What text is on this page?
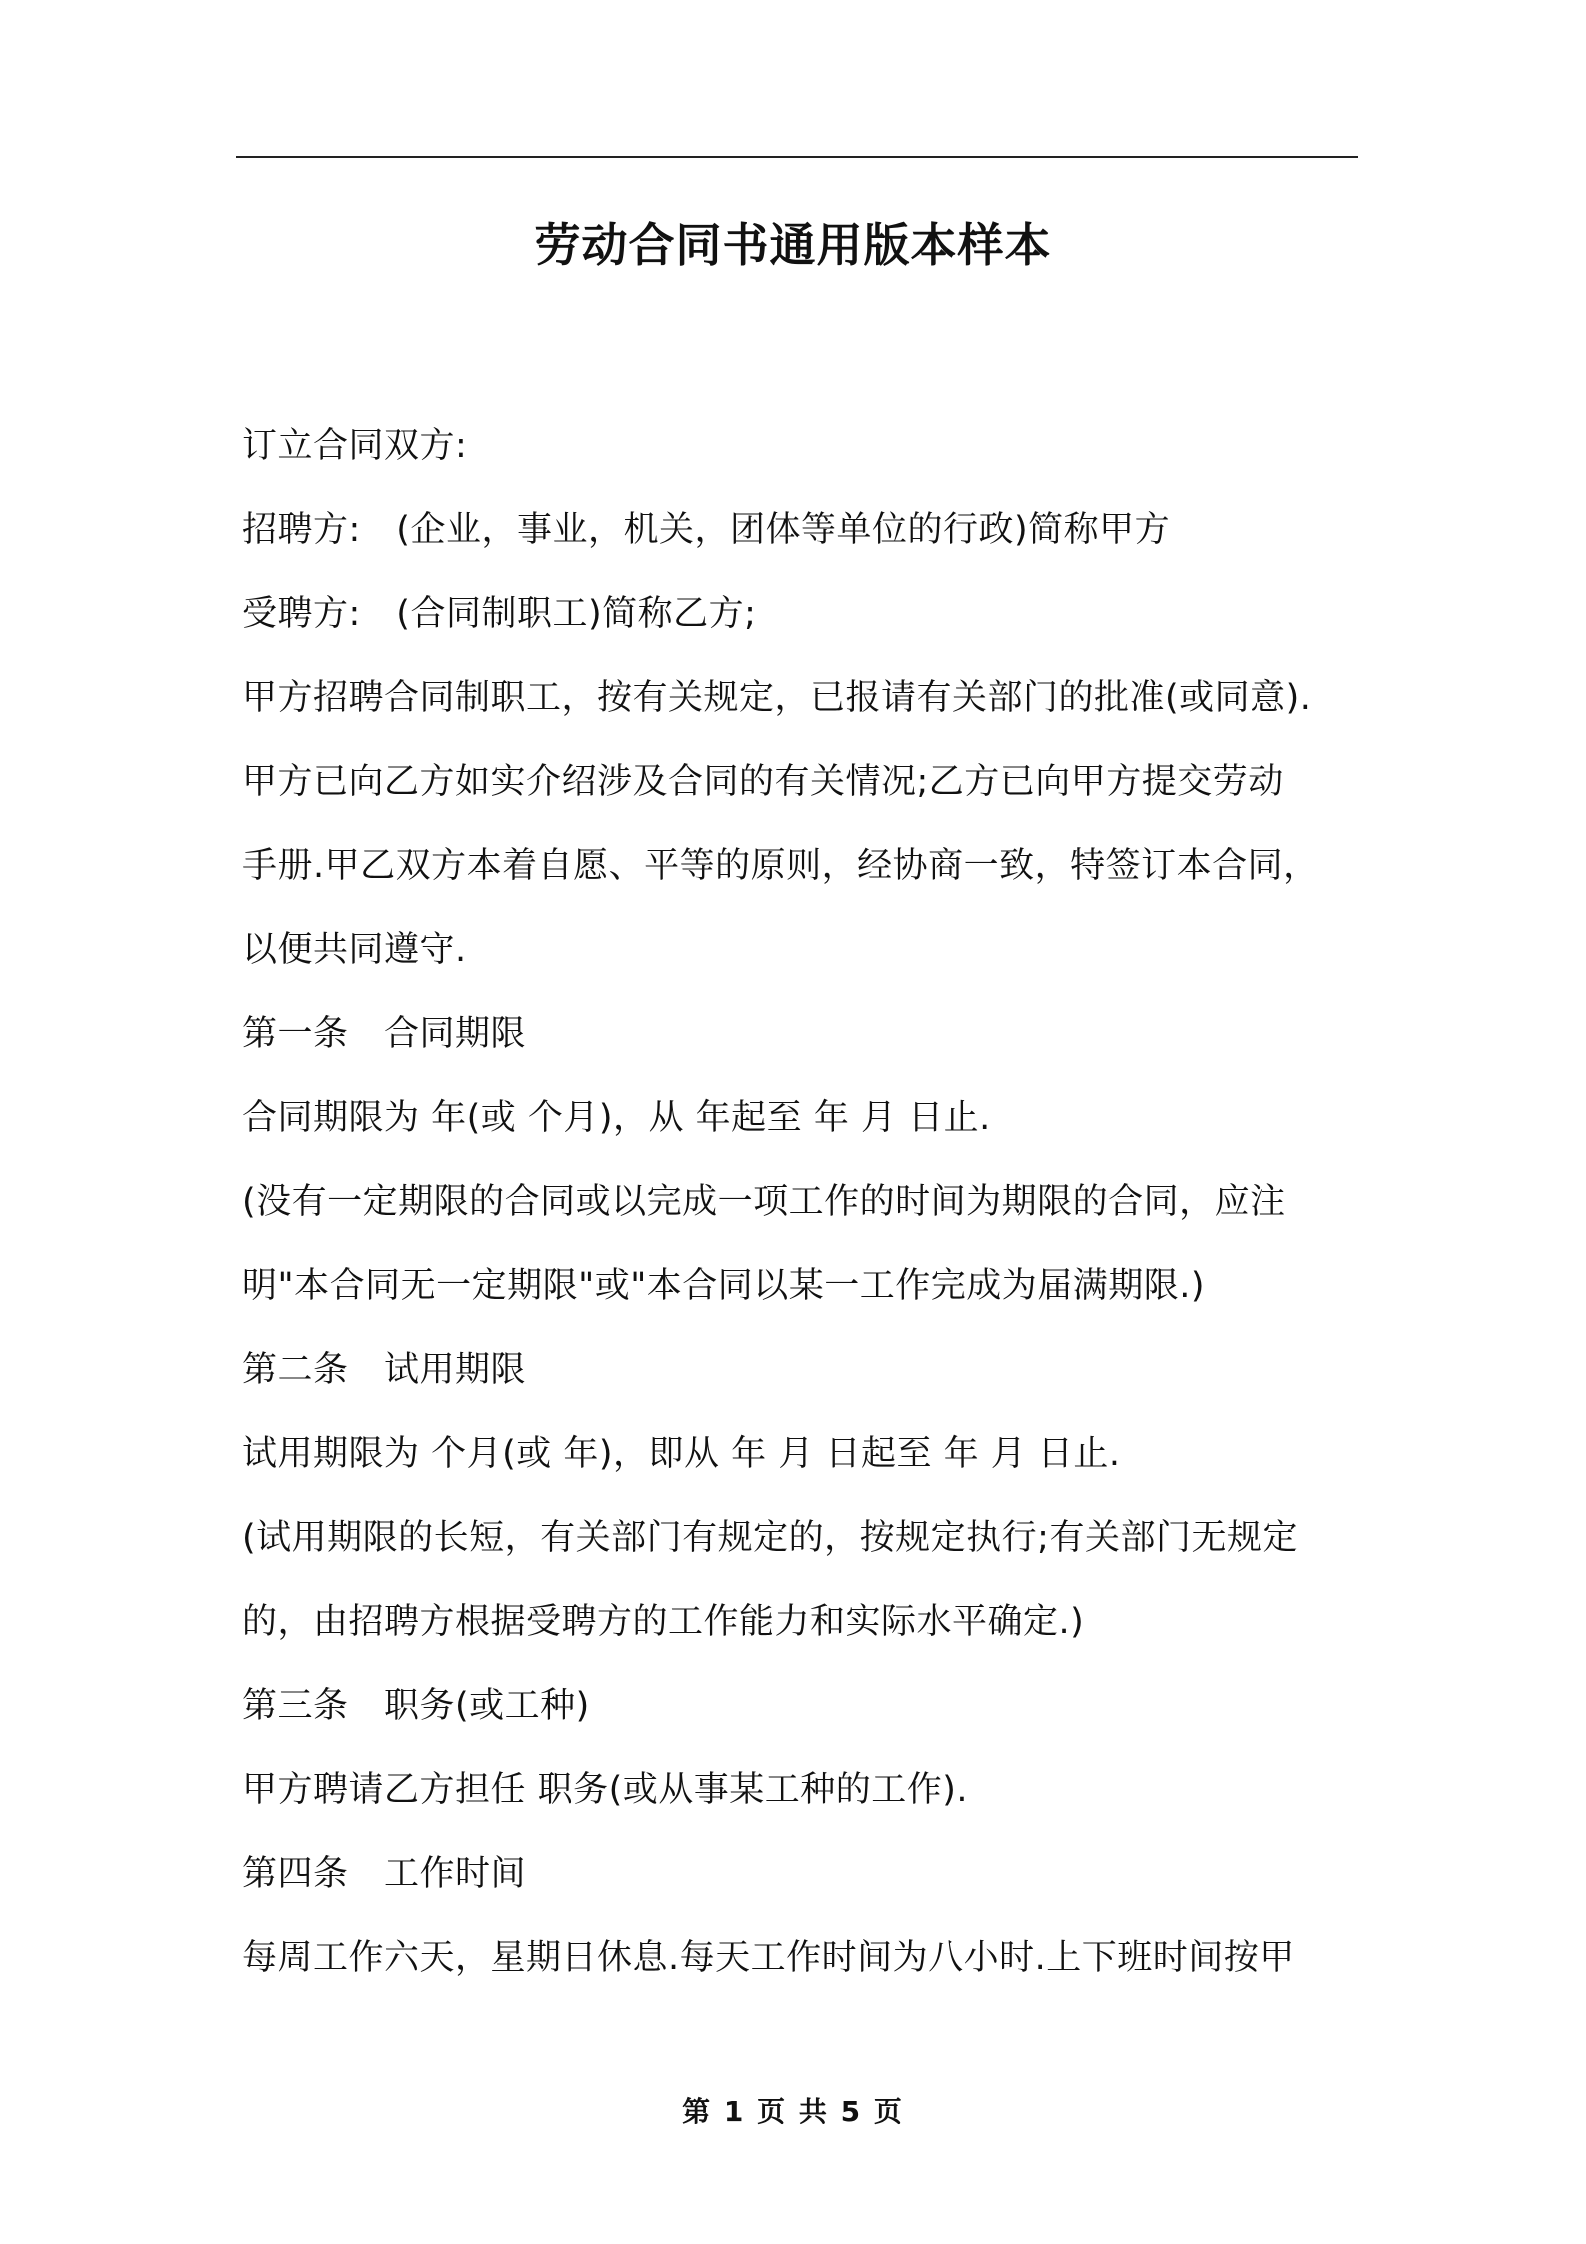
劳动合同书通用版本样本
订立合同双方:
招聘方:　(企业，事业，机关，团体等单位的行政)简称甲方
受聘方:　(合同制职工)简称乙方;
甲方招聘合同制职工，按有关规定，已报请有关部门的批准(或同意).
甲方已向乙方如实介绍涉及合同的有关情况;乙方已向甲方提交劳动
手册.甲乙双方本着自愿、平等的原则，经协商一致，特签订本合同，
以便共同遵守.
第一条　合同期限
合同期限为 年(或 个月)，从 年起至 年 月 日止.
(没有一定期限的合同或以完成一项工作的时间为期限的合同，应注
明"本合同无一定期限"或"本合同以某一工作完成为届满期限.)
第二条　试用期限
试用期限为 个月(或 年)，即从 年 月 日起至 年 月 日止.
(试用期限的长短，有关部门有规定的，按规定执行;有关部门无规定
的，由招聘方根据受聘方的工作能力和实际水平确定.)
第三条　职务(或工种)
甲方聘请乙方担任 职务(或从事某工种的工作).
第四条　工作时间
每周工作六天，星期日休息.每天工作时间为八小时.上下班时间按甲
第 1 页 共 5 页
